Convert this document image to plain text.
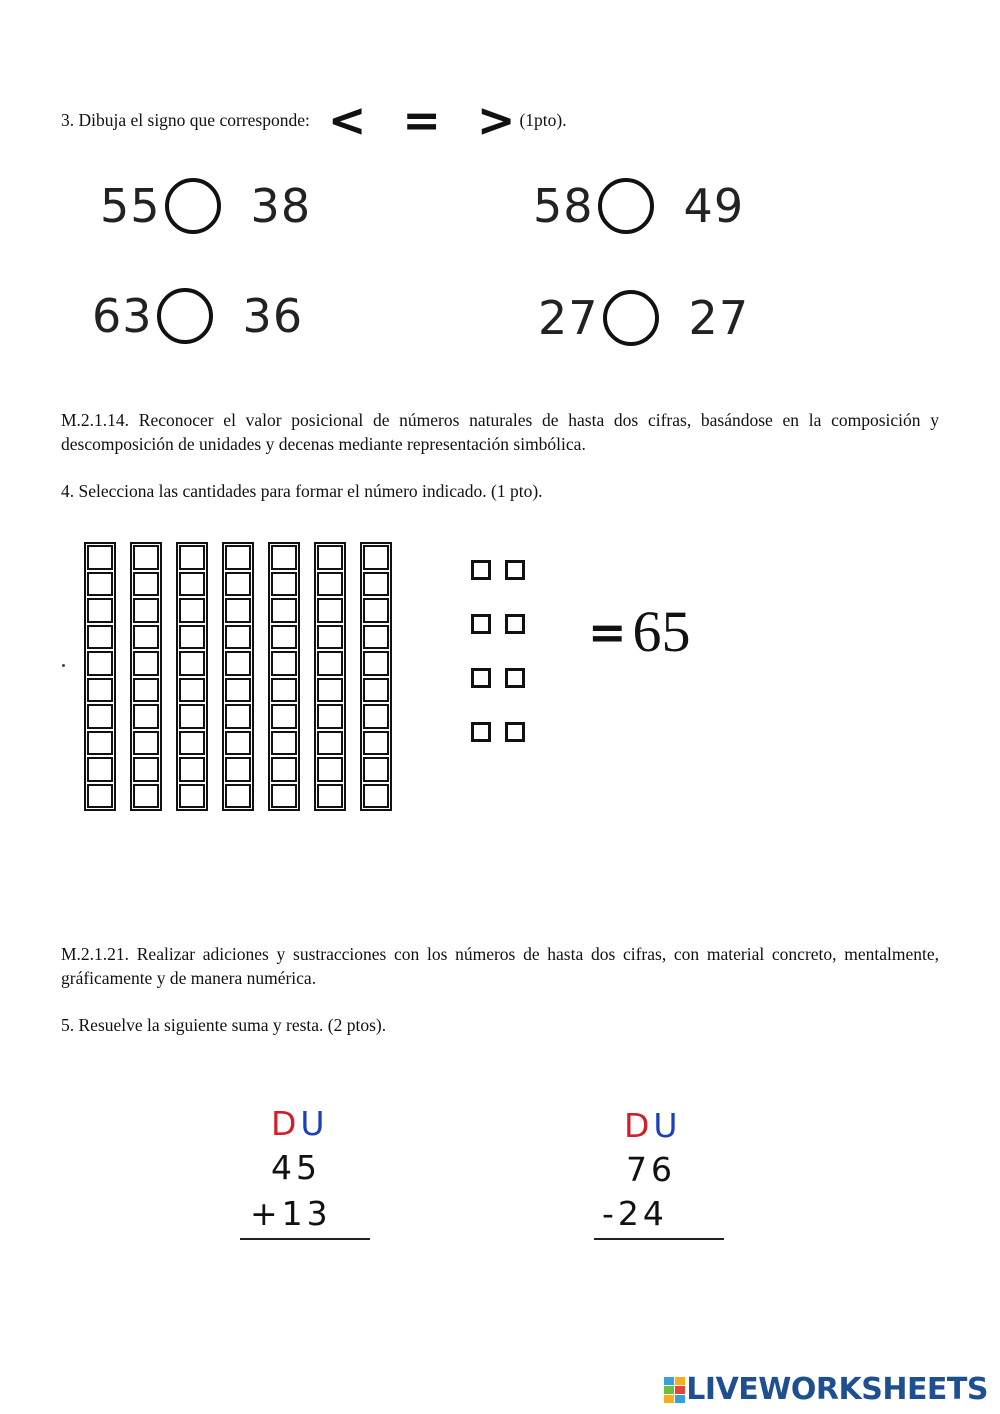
3. Dibuja el signo que corresponde: < = > (1pto).
55 38	58 49
63 36	27 27
M.2.1.14. Reconocer el valor posicional de números naturales de hasta dos cifras, basándose en la composición y descomposición de unidades y decenas mediante representación simbólica.
4. Selecciona las cantidades para formar el número indicado. (1 pto).
= 65
M.2.1.21. Realizar adiciones y sustracciones con los números de hasta dos cifras, con material concreto, mentalmente, gráficamente y de manera numérica.
5. Resuelve la siguiente suma y resta. (2 ptos).
DU
45
+13
DU
76
-24
LIVEWORKSHEETS
